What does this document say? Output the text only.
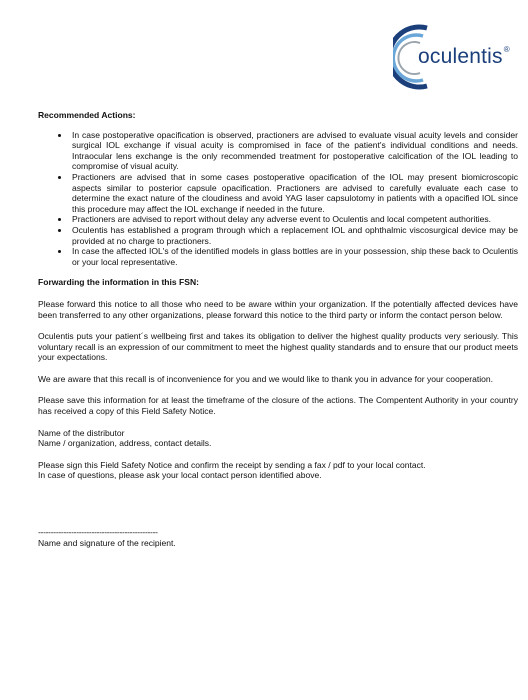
oculentis®

Recommended Actions:

• In case postoperative opacification is observed, practioners are advised to evaluate visual acuity levels and consider surgical IOL exchange if visual acuity is compromised in face of the patient's individual conditions and needs. Intraocular lens exchange is the only recommended treatment for postoperative calcification of the IOL leading to compromise of visual acuity.
• Practioners are advised that in some cases postoperative opacification of the IOL may present biomicroscopic aspects similar to posterior capsule opacification. Practioners are advised to carefully evaluate each case to determine the exact nature of the cloudiness and avoid YAG laser capsulotomy in patients with a opacified IOL since this procedure may affect the IOL exchange if needed in the future.
• Practioners are advised to report without delay any adverse event to Oculentis and local competent authorities.
• Oculentis has established a program through which a replacement IOL and ophthalmic viscosurgical device may be provided at no charge to practioners.
• In case the affected IOL's of the identified models in glass bottles are in your possession, ship these back to Oculentis or your local representative.

Forwarding the information in this FSN:

Please forward this notice to all those who need to be aware within your organization. If the potentially affected devices have been transferred to any other organizations, please forward this notice to the third party or inform the contact person below.

Oculentis puts your patient´s wellbeing first and takes its obligation to deliver the highest quality products very seriously. This voluntary recall is an expression of our commitment to meet the highest quality standards and to ensure that our product meets your expectations.

We are aware that this recall is of inconvenience for you and we would like to thank you in advance for your cooperation.

Please save this information for at least the timeframe of the closure of the actions. The Compentent Authority in your country has received a copy of this Field Safety Notice.

Name of the distributor

Name / organization, address, contact details.

Please sign this Field Safety Notice and confirm the receipt by sending a fax / pdf to your local contact.

In case of questions, please ask your local contact person identified above.

-----------------------------------------------

Name and signature of the recipient.
